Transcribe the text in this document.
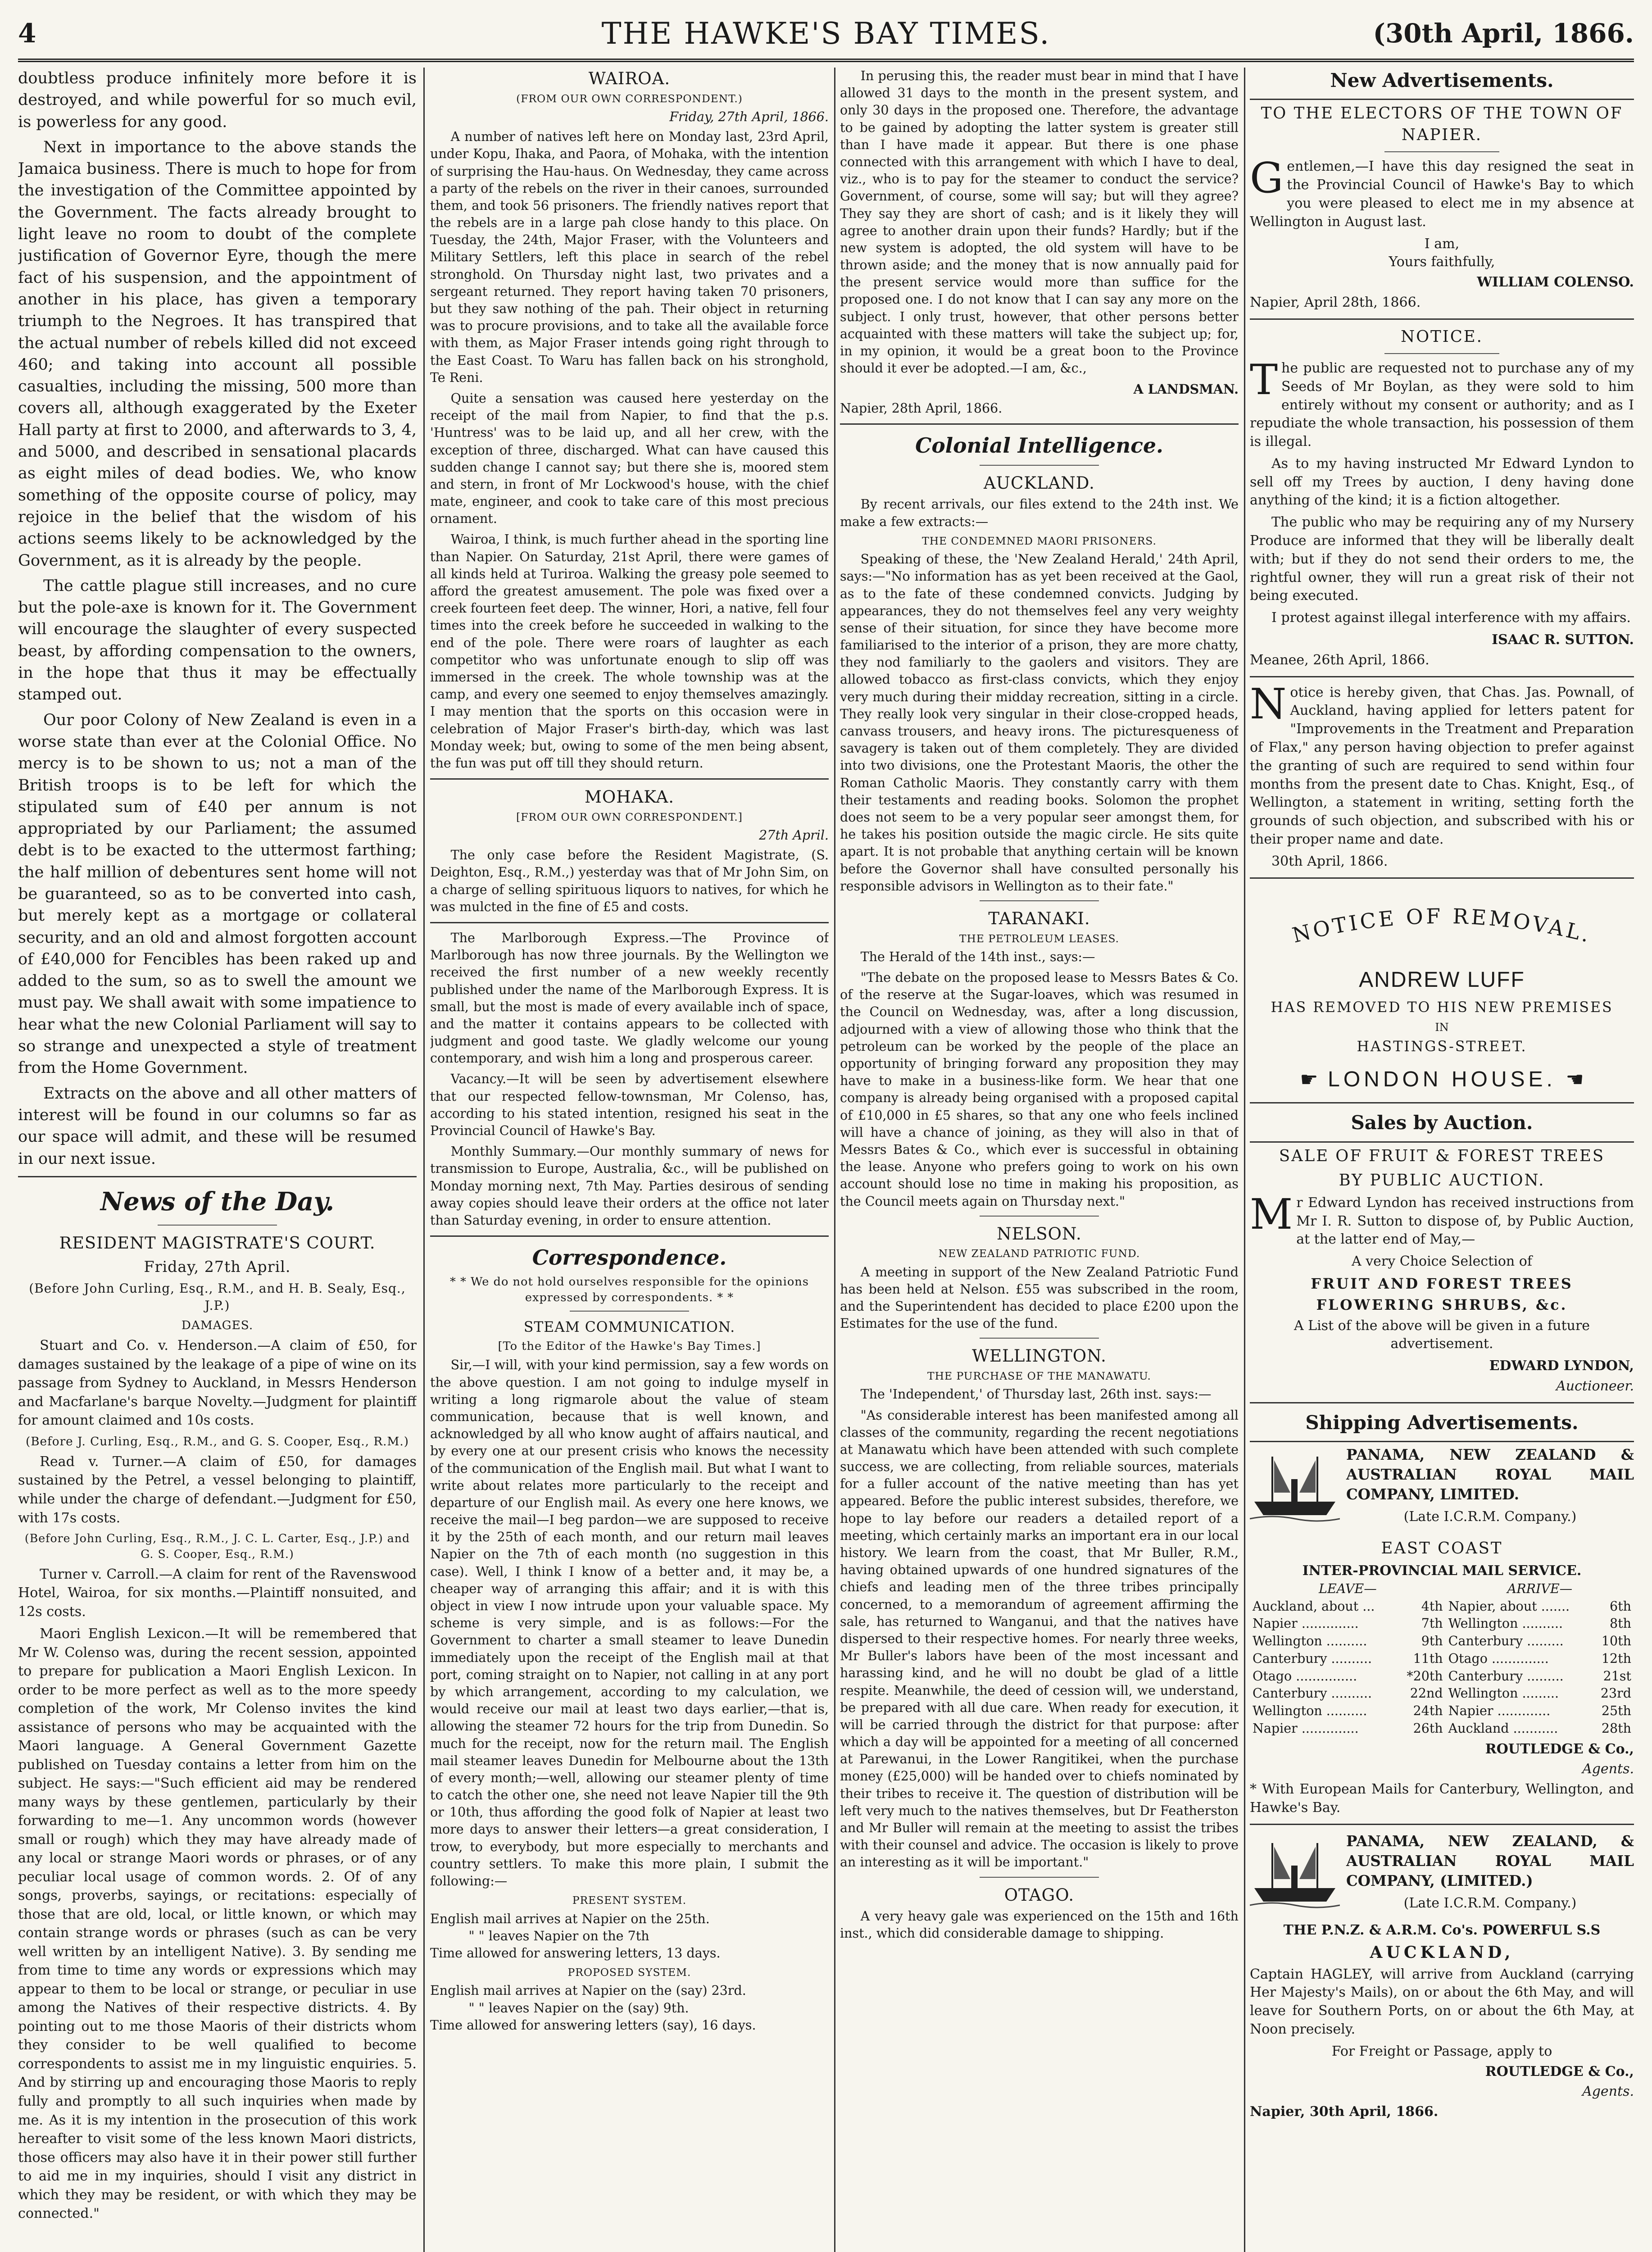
4	THE HAWKE'S BAY TIMES.	(30th April, 1866.

doubtless produce infinitely more before it is destroyed, and while powerful for so much evil, is powerless for any good.

Next in importance to the above stands the Jamaica business. There is much to hope for from the investigation of the Committee appointed by the Government. The facts already brought to light leave no room to doubt of the complete justification of Governor Eyre, though the mere fact of his suspension, and the appointment of another in his place, has given a temporary triumph to the Negroes. It has transpired that the actual number of rebels killed did not exceed 460; and taking into account all possible casualties, including the missing, 500 more than covers all, although exaggerated by the Exeter Hall party at first to 2000, and afterwards to 3, 4, and 5000, and described in sensational placards as eight miles of dead bodies. We, who know something of the opposite course of policy, may rejoice in the belief that the wisdom of his actions seems likely to be acknowledged by the Government, as it is already by the people.

The cattle plague still increases, and no cure but the pole-axe is known for it. The Government will encourage the slaughter of every suspected beast, by affording compensation to the owners, in the hope that thus it may be effectually stamped out.

Our poor Colony of New Zealand is even in a worse state than ever at the Colonial Office. No mercy is to be shown to us; not a man of the British troops is to be left for which the stipulated sum of £40 per annum is not appropriated by our Parliament; the assumed debt is to be exacted to the uttermost farthing; the half million of debentures sent home will not be guaranteed, so as to be converted into cash, but merely kept as a mortgage or collateral security, and an old and almost forgotten account of £40,000 for Fencibles has been raked up and added to the sum, so as to swell the amount we must pay. We shall await with some impatience to hear what the new Colonial Parliament will say to so strange and unexpected a style of treatment from the Home Government.

Extracts on the above and all other matters of interest will be found in our columns so far as our space will admit, and these will be resumed in our next issue.

News of the Day.
RESIDENT MAGISTRATE'S COURT.
Friday, 27th April.
(Before John Curling, Esq., R.M., and H. B. Sealy, Esq., J.P.)
DAMAGES.

Stuart and Co. v. Henderson.—A claim of £50, for damages sustained by the leakage of a pipe of wine on its passage from Sydney to Auckland, in Messrs Henderson and Macfarlane's barque Novelty.—Judgment for plaintiff for amount claimed and 10s costs.

(Before J. Curling, Esq., R.M., and G. S. Cooper, Esq., R.M.)

Read v. Turner.—A claim of £50, for damages sustained by the Petrel, a vessel belonging to plaintiff, while under the charge of defendant.—Judgment for £50, with 17s costs.

(Before John Curling, Esq., R.M., J. C. L. Carter, Esq., J.P.) and G. S. Cooper, Esq., R.M.)

Turner v. Carroll.—A claim for rent of the Ravenswood Hotel, Wairoa, for six months.—Plaintiff nonsuited, and 12s costs.

Maori English Lexicon.—It will be remembered that Mr W. Colenso was, during the recent session, appointed to prepare for publication a Maori English Lexicon. In order to be more perfect as well as to the more speedy completion of the work, Mr Colenso invites the kind assistance of persons who may be acquainted with the Maori language. A General Government Gazette published on Tuesday contains a letter from him on the subject. He says:—"Such efficient aid may be rendered many ways by these gentlemen, particularly by their forwarding to me—1. Any uncommon words (however small or rough) which they may have already made of any local or strange Maori words or phrases, or of any peculiar local usage of common words. 2. Of of any songs, proverbs, sayings, or recitations: especially of those that are old, local, or little known, or which may contain strange words or phrases (such as can be very well written by an intelligent Native). 3. By sending me from time to time any words or expressions which may appear to them to be local or strange, or peculiar in use among the Natives of their respective districts. 4. By pointing out to me those Maoris of their districts whom they consider to be well qualified to become correspondents to assist me in my linguistic enquiries. 5. And by stirring up and encouraging those Maoris to reply fully and promptly to all such inquiries when made by me. As it is my intention in the prosecution of this work hereafter to visit some of the less known Maori districts, those officers may also have it in their power still further to aid me in my inquiries, should I visit any district in which they may be resident, or with which they may be connected."

WAIROA.
(FROM OUR OWN CORRESPONDENT.)
Friday, 27th April, 1866.

A number of natives left here on Monday last, 23rd April, under Kopu, Ihaka, and Paora, of Mohaka, with the intention of surprising the Hau-haus. On Wednesday, they came across a party of the rebels on the river in their canoes, surrounded them, and took 56 prisoners. The friendly natives report that the rebels are in a large pah close handy to this place. On Tuesday, the 24th, Major Fraser, with the Volunteers and Military Settlers, left this place in search of the rebel stronghold. On Thursday night last, two privates and a sergeant returned. They report having taken 70 prisoners, but they saw nothing of the pah. Their object in returning was to procure provisions, and to take all the available force with them, as Major Fraser intends going right through to the East Coast. To Waru has fallen back on his stronghold, Te Reni.

Quite a sensation was caused here yesterday on the receipt of the mail from Napier, to find that the p.s. 'Huntress' was to be laid up, and all her crew, with the exception of three, discharged. What can have caused this sudden change I cannot say; but there she is, moored stem and stern, in front of Mr Lockwood's house, with the chief mate, engineer, and cook to take care of this most precious ornament.

Wairoa, I think, is much further ahead in the sporting line than Napier. On Saturday, 21st April, there were games of all kinds held at Turiroa. Walking the greasy pole seemed to afford the greatest amusement. The pole was fixed over a creek fourteen feet deep. The winner, Hori, a native, fell four times into the creek before he succeeded in walking to the end of the pole. There were roars of laughter as each competitor who was unfortunate enough to slip off was immersed in the creek. The whole township was at the camp, and every one seemed to enjoy themselves amazingly. I may mention that the sports on this occasion were in celebration of Major Fraser's birth-day, which was last Monday week; but, owing to some of the men being absent, the fun was put off till they should return.

MOHAKA.
[FROM OUR OWN CORRESPONDENT.]
27th April.

The only case before the Resident Magistrate, (S. Deighton, Esq., R.M.,) yesterday was that of Mr John Sim, on a charge of selling spirituous liquors to natives, for which he was mulcted in the fine of £5 and costs.

The Marlborough Express.—The Province of Marlborough has now three journals. By the Wellington we received the first number of a new weekly recently published under the name of the Marlborough Express. It is small, but the most is made of every available inch of space, and the matter it contains appears to be collected with judgment and good taste. We gladly welcome our young contemporary, and wish him a long and prosperous career.

Vacancy.—It will be seen by advertisement elsewhere that our respected fellow-townsman, Mr Colenso, has, according to his stated intention, resigned his seat in the Provincial Council of Hawke's Bay.

Monthly Summary.—Our monthly summary of news for transmission to Europe, Australia, &c., will be published on Monday morning next, 7th May. Parties desirous of sending away copies should leave their orders at the office not later than Saturday evening, in order to ensure attention.

Correspondence.
* * We do not hold ourselves responsible for the opinions expressed by correspondents. * *
STEAM COMMUNICATION.
[To the Editor of the Hawke's Bay Times.]

Sir,—I will, with your kind permission, say a few words on the above question. I am not going to indulge myself in writing a long rigmarole about the value of steam communication, because that is well known, and acknowledged by all who know aught of affairs nautical, and by every one at our present crisis who knows the necessity of the communication of the English mail. But what I want to write about relates more particularly to the receipt and departure of our English mail. As every one here knows, we receive the mail—I beg pardon—we are supposed to receive it by the 25th of each month, and our return mail leaves Napier on the 7th of each month (no suggestion in this case). Well, I think I know of a better and, it may be, a cheaper way of arranging this affair; and it is with this object in view I now intrude upon your valuable space. My scheme is very simple, and is as follows:—For the Government to charter a small steamer to leave Dunedin immediately upon the receipt of the English mail at that port, coming straight on to Napier, not calling in at any port by which arrangement, according to my calculation, we would receive our mail at least two days earlier,—that is, allowing the steamer 72 hours for the trip from Dunedin. So much for the receipt, now for the return mail. The English mail steamer leaves Dunedin for Melbourne about the 13th of every month;—well, allowing our steamer plenty of time to catch the other one, she need not leave Napier till the 9th or 10th, thus affording the good folk of Napier at least two more days to answer their letters—a great consideration, I trow, to everybody, but more especially to merchants and country settlers. To make this more plain, I submit the following:—

PRESENT SYSTEM.

English mail arrives at Napier on the 25th.

" " leaves Napier on the 7th

Time allowed for answering letters, 13 days.

PROPOSED SYSTEM.

English mail arrives at Napier on the (say) 23rd.

" " leaves Napier on the (say) 9th.

Time allowed for answering letters (say), 16 days.

In perusing this, the reader must bear in mind that I have allowed 31 days to the month in the present system, and only 30 days in the proposed one. Therefore, the advantage to be gained by adopting the latter system is greater still than I have made it appear. But there is one phase connected with this arrangement with which I have to deal, viz., who is to pay for the steamer to conduct the service? Government, of course, some will say; but will they agree? They say they are short of cash; and is it likely they will agree to another drain upon their funds? Hardly; but if the new system is adopted, the old system will have to be thrown aside; and the money that is now annually paid for the present service would more than suffice for the proposed one. I do not know that I can say any more on the subject. I only trust, however, that other persons better acquainted with these matters will take the subject up; for, in my opinion, it would be a great boon to the Province should it ever be adopted.—I am, &c.,

A LANDSMAN.

Napier, 28th April, 1866.

Colonial Intelligence.
AUCKLAND.

By recent arrivals, our files extend to the 24th inst. We make a few extracts:—

THE CONDEMNED MAORI PRISONERS.

Speaking of these, the 'New Zealand Herald,' 24th April, says:—"No information has as yet been received at the Gaol, as to the fate of these condemned convicts. Judging by appearances, they do not themselves feel any very weighty sense of their situation, for since they have become more familiarised to the interior of a prison, they are more chatty, they nod familiarly to the gaolers and visitors. They are allowed tobacco as first-class convicts, which they enjoy very much during their midday recreation, sitting in a circle. They really look very singular in their close-cropped heads, canvass trousers, and heavy irons. The picturesqueness of savagery is taken out of them completely. They are divided into two divisions, one the Protestant Maoris, the other the Roman Catholic Maoris. They constantly carry with them their testaments and reading books. Solomon the prophet does not seem to be a very popular seer amongst them, for he takes his position outside the magic circle. He sits quite apart. It is not probable that anything certain will be known before the Governor shall have consulted personally his responsible advisors in Wellington as to their fate."

TARANAKI.
THE PETROLEUM LEASES.

The Herald of the 14th inst., says:—

"The debate on the proposed lease to Messrs Bates & Co. of the reserve at the Sugar-loaves, which was resumed in the Council on Wednesday, was, after a long discussion, adjourned with a view of allowing those who think that the petroleum can be worked by the people of the place an opportunity of bringing forward any proposition they may have to make in a business-like form. We hear that one company is already being organised with a proposed capital of £10,000 in £5 shares, so that any one who feels inclined will have a chance of joining, as they will also in that of Messrs Bates & Co., which ever is successful in obtaining the lease. Anyone who prefers going to work on his own account should lose no time in making his proposition, as the Council meets again on Thursday next."

NELSON.
NEW ZEALAND PATRIOTIC FUND.

A meeting in support of the New Zealand Patriotic Fund has been held at Nelson. £55 was subscribed in the room, and the Superintendent has decided to place £200 upon the Estimates for the use of the fund.

WELLINGTON.
THE PURCHASE OF THE MANAWATU.

The 'Independent,' of Thursday last, 26th inst. says:—

"As considerable interest has been manifested among all classes of the community, regarding the recent negotiations at Manawatu which have been attended with such complete success, we are collecting, from reliable sources, materials for a fuller account of the native meeting than has yet appeared. Before the public interest subsides, therefore, we hope to lay before our readers a detailed report of a meeting, which certainly marks an important era in our local history. We learn from the coast, that Mr Buller, R.M., having obtained upwards of one hundred signatures of the chiefs and leading men of the three tribes principally concerned, to a memorandum of agreement affirming the sale, has returned to Wanganui, and that the natives have dispersed to their respective homes. For nearly three weeks, Mr Buller's labors have been of the most incessant and harassing kind, and he will no doubt be glad of a little respite. Meanwhile, the deed of cession will, we understand, be prepared with all due care. When ready for execution, it will be carried through the district for that purpose: after which a day will be appointed for a meeting of all concerned at Parewanui, in the Lower Rangitikei, when the purchase money (£25,000) will be handed over to chiefs nominated by their tribes to receive it. The question of distribution will be left very much to the natives themselves, but Dr Featherston and Mr Buller will remain at the meeting to assist the tribes with their counsel and advice. The occasion is likely to prove an interesting as it will be important."

OTAGO.

A very heavy gale was experienced on the 15th and 16th inst., which did considerable damage to shipping.

New Advertisements.
TO THE ELECTORS OF THE TOWN OF NAPIER.

Gentlemen,—I have this day resigned the seat in the Provincial Council of Hawke's Bay to which you were pleased to elect me in my absence at Wellington in August last.

I am,

Yours faithfully,

WILLIAM COLENSO.

Napier, April 28th, 1866.

NOTICE.

The public are requested not to purchase any of my Seeds of Mr Boylan, as they were sold to him entirely without my consent or authority; and as I repudiate the whole transaction, his possession of them is illegal.

As to my having instructed Mr Edward Lyndon to sell off my Trees by auction, I deny having done anything of the kind; it is a fiction altogether.

The public who may be requiring any of my Nursery Produce are informed that they will be liberally dealt with; but if they do not send their orders to me, the rightful owner, they will run a great risk of their not being executed.

I protest against illegal interference with my affairs.

ISAAC R. SUTTON.

Meanee, 26th April, 1866.

Notice is hereby given, that Chas. Jas. Pownall, of Auckland, having applied for letters patent for "Improvements in the Treatment and Preparation of Flax," any person having objection to prefer against the granting of such are required to send within four months from the present date to Chas. Knight, Esq., of Wellington, a statement in writing, setting forth the grounds of such objection, and subscribed with his or their proper name and date.

30th April, 1866.

NOTICE OF REMOVAL.
ANDREW LUFF
HAS REMOVED TO HIS NEW PREMISES
IN
HASTINGS-STREET.
☛ LONDON HOUSE. ☚
Sales by Auction.
SALE OF FRUIT & FOREST TREES
BY PUBLIC AUCTION.

Mr Edward Lyndon has received instructions from Mr I. R. Sutton to dispose of, by Public Auction, at the latter end of May,—

A very Choice Selection of

FRUIT AND FOREST TREES
FLOWERING SHRUBS, &c.

A List of the above will be given in a future advertisement.

EDWARD LYNDON,
Auctioneer.
Shipping Advertisements.

PANAMA, NEW ZEALAND & AUSTRALIAN ROYAL MAIL COMPANY, LIMITED.

(Late I.C.R.M. Company.)

EAST COAST
INTER-PROVINCIAL MAIL SERVICE.
LEAVE—		ARRIVE—	
Auckland, about ...	4th	Napier, about .......	6th
Napier ..............	7th	Wellington ..........	8th
Wellington ..........	9th	Canterbury .........	10th
Canterbury ..........	11th	Otago ..............	12th
Otago ...............	*20th	Canterbury .........	21st
Canterbury ..........	22nd	Wellington .........	23rd
Wellington ..........	24th	Napier .............	25th
Napier ..............	26th	Auckland ...........	28th
ROUTLEDGE & Co.,
Agents.

* With European Mails for Canterbury, Wellington, and Hawke's Bay.

PANAMA, NEW ZEALAND, & AUSTRALIAN ROYAL MAIL COMPANY, (LIMITED.)

(Late I.C.R.M. Company.)

THE P.N.Z. & A.R.M. Co's. POWERFUL S.S
AUCKLAND,

Captain HAGLEY, will arrive from Auckland (carrying Her Majesty's Mails), on or about the 6th May, and will leave for Southern Ports, on or about the 6th May, at Noon precisely.

For Freight or Passage, apply to

ROUTLEDGE & Co.,
Agents.

Napier, 30th April, 1866.
